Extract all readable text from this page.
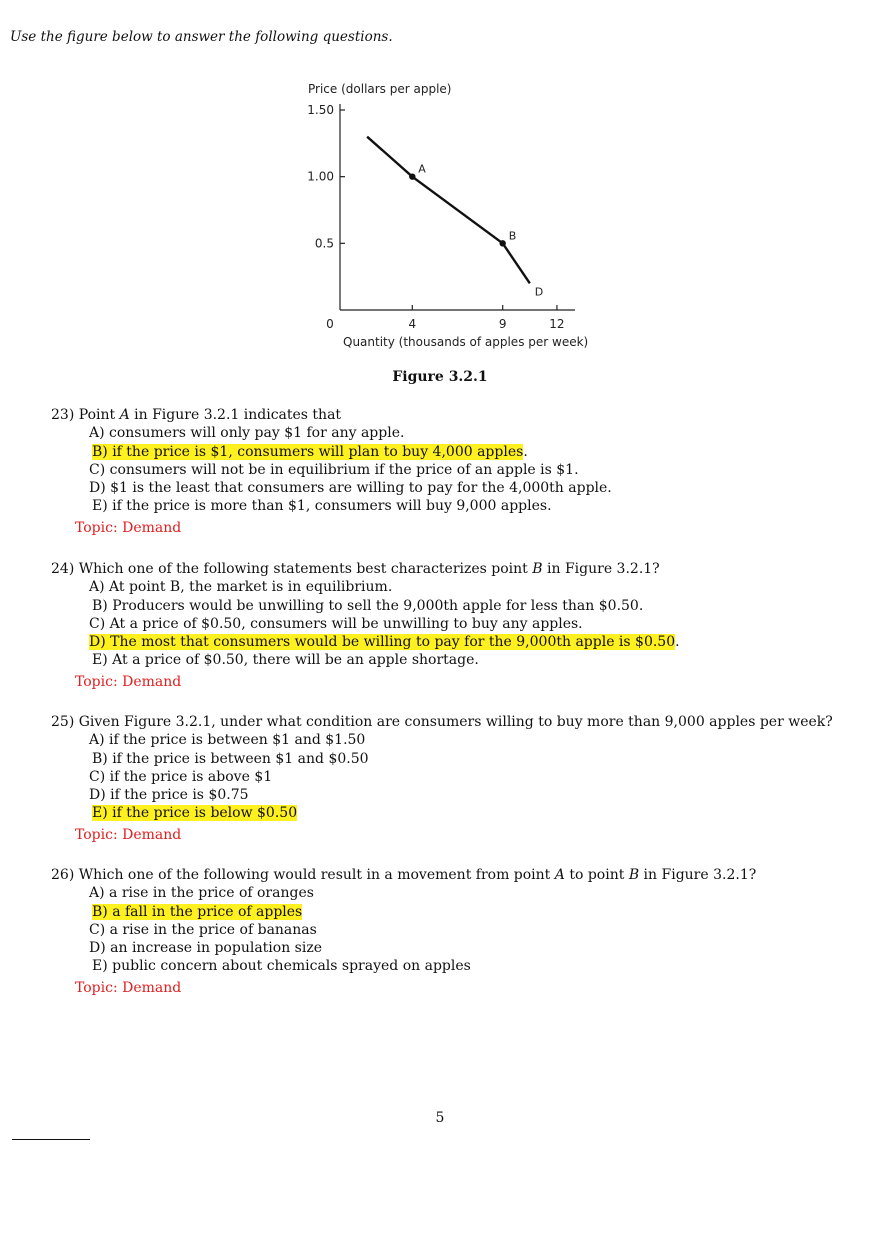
Use the figure below to answer the following questions.
Price (dollars per apple)
1.50
1.00
0.5
0	4	9	12
Quantity (thousands of apples per week)
A
B
D
Figure 3.2.1
23) Point A in Figure 3.2.1 indicates that
A) consumers will only pay $1 for any apple.
B) if the price is $1, consumers will plan to buy 4,000 apples.
C) consumers will not be in equilibrium if the price of an apple is $1.
D) $1 is the least that consumers are willing to pay for the 4,000th apple.
E) if the price is more than $1, consumers will buy 9,000 apples.
Topic: Demand
24) Which one of the following statements best characterizes point B in Figure 3.2.1?
A) At point B, the market is in equilibrium.
B) Producers would be unwilling to sell the 9,000th apple for less than $0.50.
C) At a price of $0.50, consumers will be unwilling to buy any apples.
D) The most that consumers would be willing to pay for the 9,000th apple is $0.50.
E) At a price of $0.50, there will be an apple shortage.
Topic: Demand
25) Given Figure 3.2.1, under what condition are consumers willing to buy more than 9,000 apples per week?
A) if the price is between $1 and $1.50
B) if the price is between $1 and $0.50
C) if the price is above $1
D) if the price is $0.75
E) if the price is below $0.50
Topic: Demand
26) Which one of the following would result in a movement from point A to point B in Figure 3.2.1?
A) a rise in the price of oranges
B) a fall in the price of apples
C) a rise in the price of bananas
D) an increase in population size
E) public concern about chemicals sprayed on apples
Topic: Demand
5
